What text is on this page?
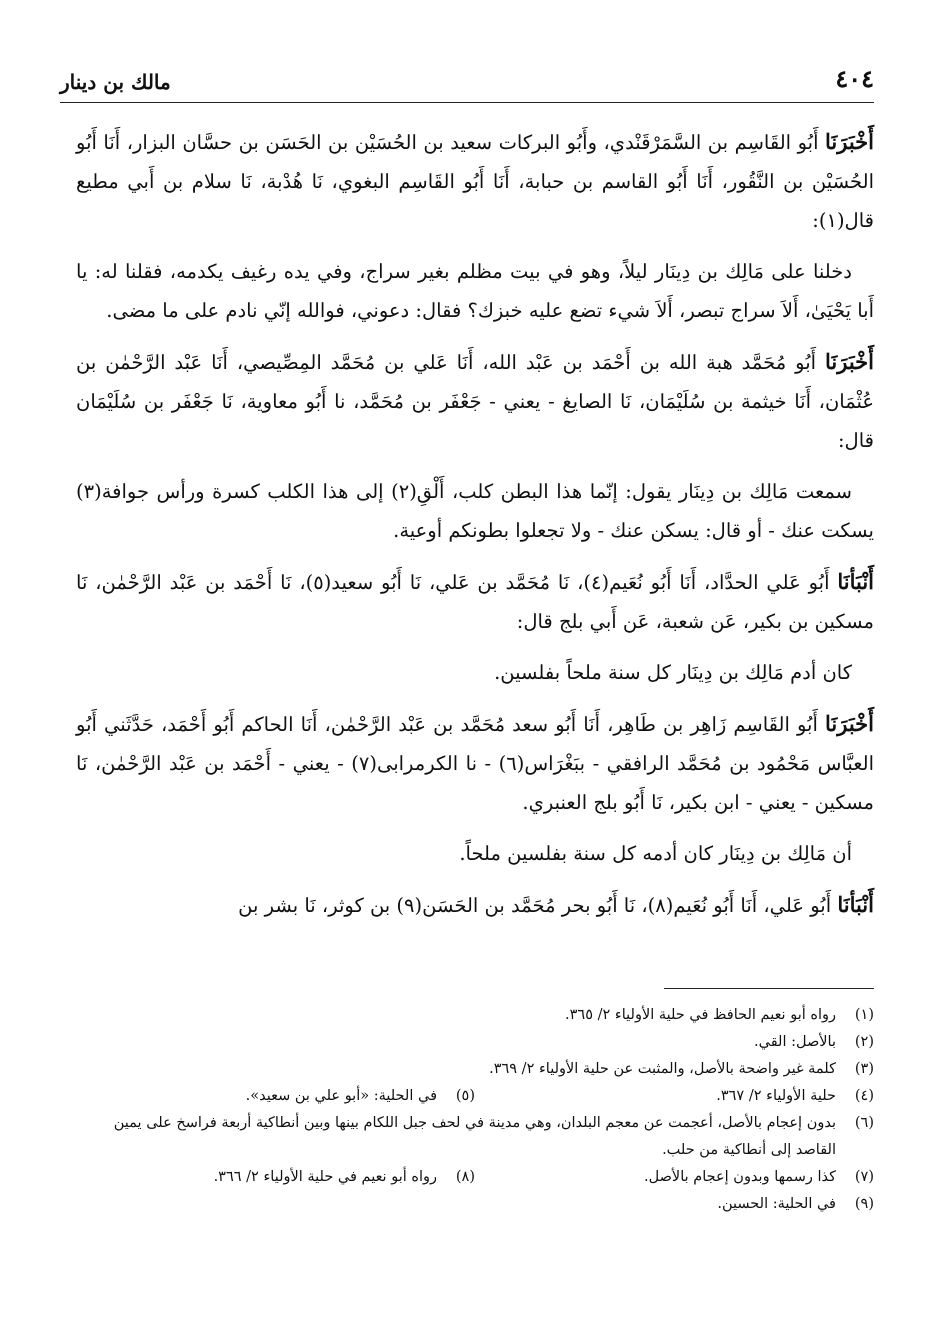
٤٠٤
مالك بن دينار

أَخْبَرَنَا أَبُو القَاسِم بن السَّمَرْقَنْدي، وأَبُو البركات سعيد بن الحُسَيْن بن الحَسَن بن حسَّان البزار، أَنَا أَبُو الحُسَيْن بن النَّقُور، أَنَا أَبُو القاسم بن حبابة، أَنَا أَبُو القَاسِم البغوي، نَا هُدْبة، نَا سلام بن أَبي مطيع قال(١):

دخلنا على مَالِك بن دِينَار ليلاً، وهو في بيت مظلم بغير سراج، وفي يده رغيف يكدمه، فقلنا له: يا أَبا يَحْيَىٰ، أَلاَ سراج تبصر، أَلاَ شيء تضع عليه خبزك؟ فقال: دعوني، فوالله إنّي نادم على ما مضى.

أَخْبَرَنَا أَبُو مُحَمَّد هبة الله بن أَحْمَد بن عَبْد الله، أَنَا عَلي بن مُحَمَّد المِصِّيصي، أَنَا عَبْد الرَّحْمٰن بن عُثْمَان، أَنَا خيثمة بن سُلَيْمَان، نَا الصايغ - يعني - جَعْفَر بن مُحَمَّد، نا أَبُو معاوية، نَا جَعْفَر بن سُلَيْمَان قال:

سمعت مَالِك بن دِينَار يقول: إنّما هذا البطن كلب، أَلْقِ(٢) إلى هذا الكلب كسرة ورأس جوافة(٣) يسكت عنك - أو قال: يسكن عنك - ولا تجعلوا بطونكم أوعية.

أَنْبَأنَا أَبُو عَلي الحدَّاد، أَنَا أَبُو نُعَيم(٤)، نَا مُحَمَّد بن عَلي، نَا أَبُو سعيد(٥)، نَا أَحْمَد بن عَبْد الرَّحْمٰن، نَا مسكين بن بكير، عَن شعبة، عَن أَبي بلج قال:

كان أدم مَالِك بن دِينَار كل سنة ملحاً بفلسين.

أَخْبَرَنَا أَبُو القَاسِم زَاهِر بن طَاهِر، أَنَا أَبُو سعد مُحَمَّد بن عَبْد الرَّحْمٰن، أَنَا الحاكم أَبُو أَحْمَد، حَدَّثَني أَبُو العبَّاس مَحْمُود بن مُحَمَّد الرافقي - ببَغْرَاس(٦) - نا الكرمرابى(٧) - يعني - أَحْمَد بن عَبْد الرَّحْمٰن، نَا مسكين - يعني - ابن بكير، نَا أَبُو بلج العنبري.

أن مَالِك بن دِينَار كان أدمه كل سنة بفلسين ملحاً.

أَنْبَأنَا أَبُو عَلي، أَنَا أَبُو نُعَيم(٨)، نَا أَبُو بحر مُحَمَّد بن الحَسَن(٩) بن كوثر، نَا بشر بن

(١)
رواه أبو نعيم الحافظ في حلية الأولياء ٢/ ٣٦٥.
(٢)
بالأصل: القي.
(٣)
كلمة غير واضحة بالأصل، والمثبت عن حلية الأولياء ٢/ ٣٦٩.
(٤)
حلية الأولياء ٢/ ٣٦٧.
(٥)
في الحلية: «أبو علي بن سعيد».
(٦)
بدون إعجام بالأصل، أعجمت عن معجم البلدان، وهي مدينة في لحف جبل اللكام بينها وبين أنطاكية أربعة فراسخ على يمين القاصد إلى أنطاكية من حلب.
(٧)
كذا رسمها وبدون إعجام بالأصل.
(٨)
رواه أبو نعيم في حلية الأولياء ٢/ ٣٦٦.
(٩)
في الحلية: الحسين.
